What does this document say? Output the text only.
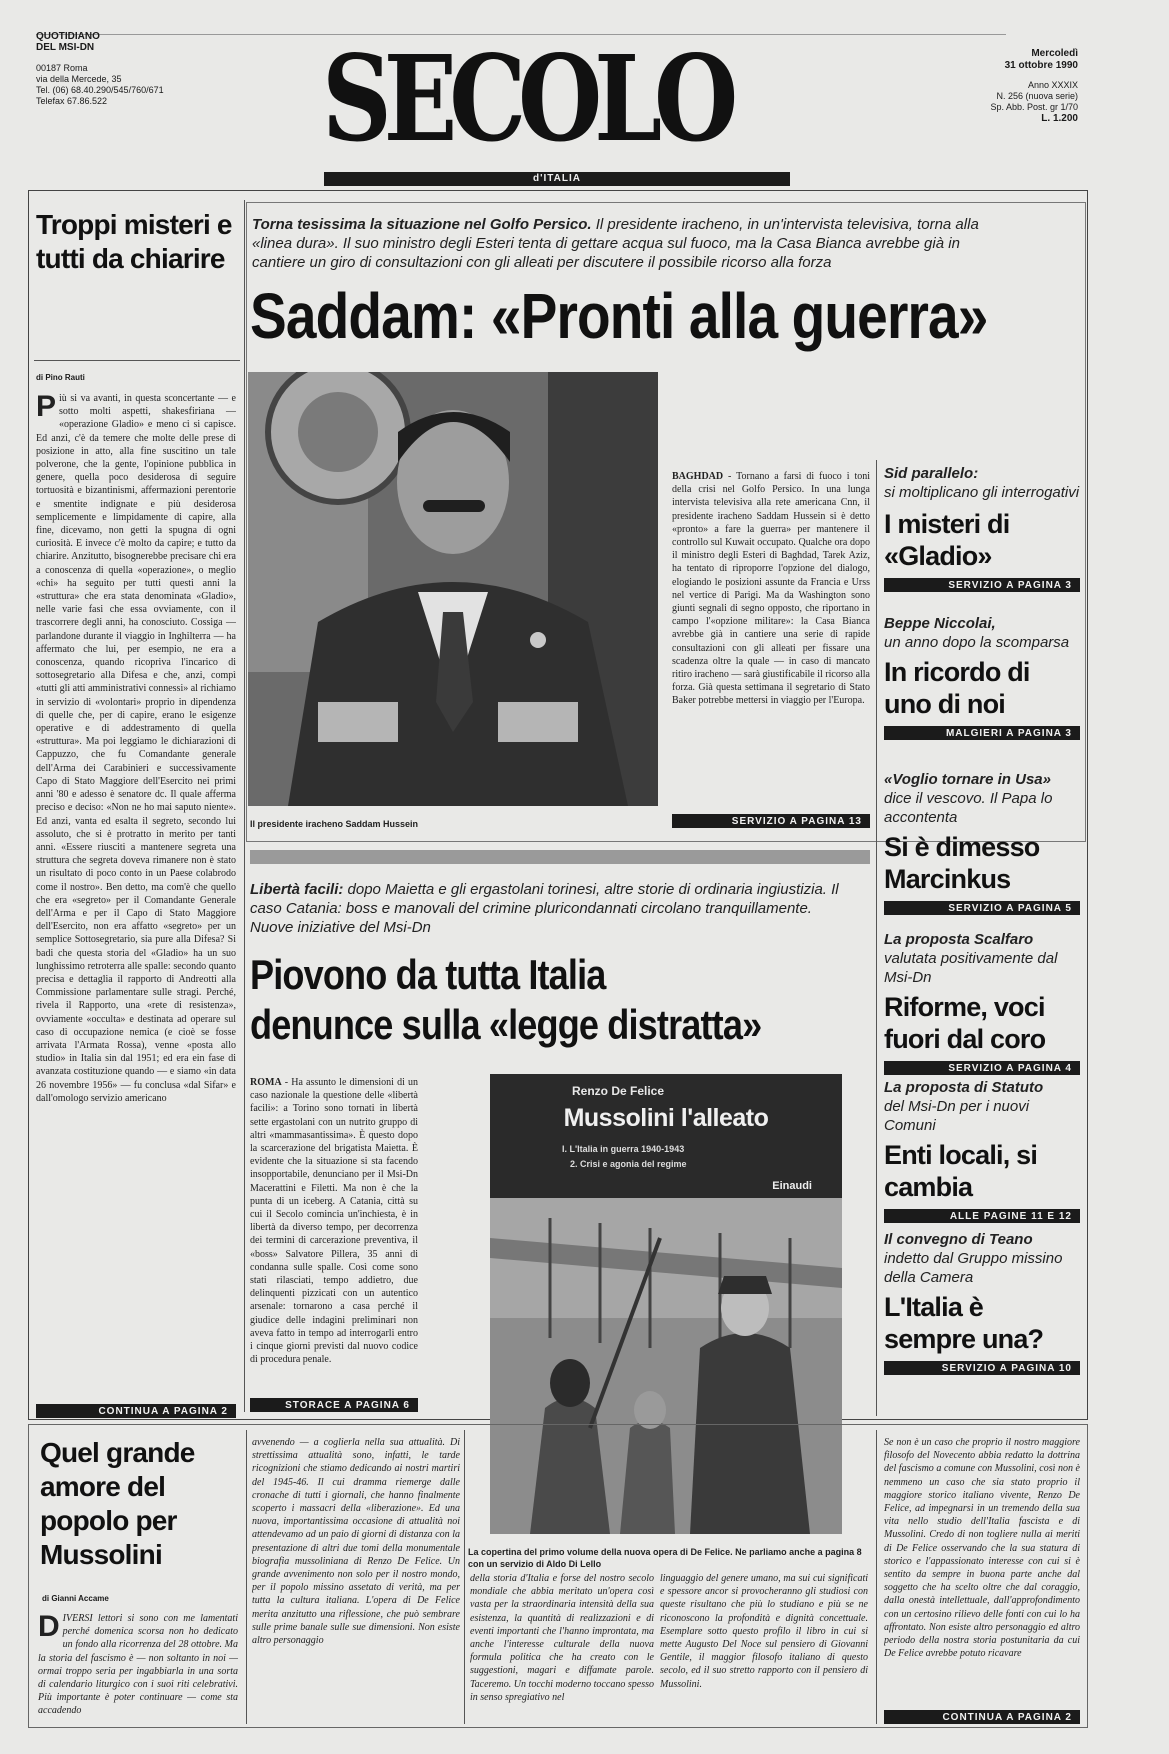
QUOTIDIANO
DEL MSI-DN
00187 Roma
via della Mercede, 35
Tel. (06) 68.40.290/545/760/671
Telefax 67.86.522	SECOLO
d'ITALIA
Mercoledì
31 ottobre 1990
Anno XXXIX
N. 256 (nuova serie)
Sp. Abb. Post. gr 1/70
L. 1.200
Troppi misteri e tutti da chiarire
di Pino Rauti
Più si va avanti, in questa sconcertante — e sotto molti aspetti, shakesfiriana — «operazione Gladio» e meno ci si capisce. Ed anzi, c'è da temere che molte delle prese di posizione in atto, alla fine suscitino un tale polverone, che la gente, l'opinione pubblica in genere, quella poco desiderosa di seguire tortuosità e bizantinismi, affermazioni perentorie e smentite indignate e più desiderosa semplicemente e limpidamente di capire, alla fine, dicevamo, non getti la spugna di ogni curiosità. E invece c'è molto da capire; e tutto da chiarire. Anzitutto, bisognerebbe precisare chi era a conoscenza di quella «operazione», o meglio «chi» ha seguito per tutti questi anni la «struttura» che era stata denominata «Gladio», nelle varie fasi che essa ovviamente, con il trascorrere degli anni, ha conosciuto. Cossiga — parlandone durante il viaggio in Inghilterra — ha affermato che lui, per esempio, ne era a conoscenza, quando ricopriva l'incarico di sottosegretario alla Difesa e che, anzi, compì «tutti gli atti amministrativi connessi» al richiamo in servizio di «volontari» proprio in dipendenza di quelle che, per di capire, erano le esigenze operative e di addestramento di quella «struttura». Ma poi leggiamo le dichiarazioni di Cappuzzo, che fu Comandante generale dell'Arma dei Carabinieri e successivamente Capo di Stato Maggiore dell'Esercito nei primi anni '80 e adesso è senatore dc. Il quale afferma preciso e deciso: «Non ne ho mai saputo niente». Ed anzi, vanta ed esalta il segreto, secondo lui assoluto, che si è protratto in merito per tanti anni. «Essere riusciti a mantenere segreta una struttura che segreta doveva rimanere non è stato un risultato di poco conto in un Paese colabrodo come il nostro». Ben detto, ma com'è che quello che era «segreto» per il Comandante Generale dell'Arma e per il Capo di Stato Maggiore dell'Esercito, non era affatto «segreto» per un semplice Sottosegretario, sia pure alla Difesa? Si badi che questa storia del «Gladio» ha un suo lunghissimo retroterra alle spalle: secondo quanto precisa e dettaglia il rapporto di Andreotti alla Commissione parlamentare sulle stragi. Perché, rivela il Rapporto, una «rete di resistenza», ovviamente «occulta» e destinata ad operare sul caso di occupazione nemica (e cioè se fosse arrivata l'Armata Rossa), venne «posta allo studio» in Italia sin dal 1951; ed era ein fase di avanzata costituzione quando — e siamo «in data 26 novembre 1956» — fu conclusa «dal Sifar» e dall'omologo servizio americano
CONTINUA A PAGINA 2
Torna tesissima la situazione nel Golfo Persico. Il presidente iracheno, in un'intervista televisiva, torna alla «linea dura». Il suo ministro degli Esteri tenta di gettare acqua sul fuoco, ma la Casa Bianca avrebbe già in cantiere un giro di consultazioni con gli alleati per discutere il possibile ricorso alla forza
Saddam: «Pronti alla guerra»
Il presidente iracheno Saddam Hussein
BAGHDAD - Tornano a farsi di fuoco i toni della crisi nel Golfo Persico. In una lunga intervista televisiva alla rete americana Cnn, il presidente iracheno Saddam Hussein si è detto «pronto» a fare la guerra» per mantenere il controllo sul Kuwait occupato. Qualche ora dopo il ministro degli Esteri di Baghdad, Tarek Aziz, ha tentato di riproporre l'opzione del dialogo, elogiando le posizioni assunte da Francia e Urss nel vertice di Parigi. Ma da Washington sono giunti segnali di segno opposto, che riportano in campo l'«opzione militare»: la Casa Bianca avrebbe già in cantiere una serie di rapide consultazioni con gli alleati per fissare una scadenza oltre la quale — in caso di mancato ritiro iracheno — sarà giustificabile il ricorso alla forza. Già questa settimana il segretario di Stato Baker potrebbe mettersi in viaggio per l'Europa.
SERVIZIO A PAGINA 13
Libertà facili: dopo Maietta e gli ergastolani torinesi, altre storie di ordinaria ingiustizia. Il caso Catania: boss e manovali del crimine pluricondannati circolano tranquillamente. Nuove iniziative del Msi-Dn
Piovono da tutta Italia
denunce sulla «legge distratta»
ROMA - Ha assunto le dimensioni di un caso nazionale la questione delle «libertà facili»: a Torino sono tornati in libertà sette ergastolani con un nutrito gruppo di altri «mammasantissima». È questo dopo la scarcerazione del brigatista Maietta. È evidente che la situazione si sta facendo insopportabile, denunciano per il Msi-Dn Macerattini e Filetti. Ma non è che la punta di un iceberg. A Catania, città su cui il Secolo comincia un'inchiesta, è in libertà da diverso tempo, per decorrenza dei termini di carcerazione preventiva, il «boss» Salvatore Pillera, 35 anni di condanna sulle spalle. Così come sono stati rilasciati, tempo addietro, due delinquenti pizzicati con un autentico arsenale: tornarono a casa perché il giudice delle indagini preliminari non aveva fatto in tempo ad interrogarli entro i cinque giorni previsti dal nuovo codice di procedura penale.
STORACE A PAGINA 6
Renzo De Felice
Mussolini l'alleato
I. L'Italia in guerra 1940-1943
2. Crisi e agonia del regime
Einaudi
La copertina del primo volume della nuova opera di De Felice. Ne parliamo anche a pagina 8 con un servizio di Aldo Di Lello
Sid parallelo:
si moltiplicano gli interrogativi
I misteri di «Gladio»
SERVIZIO A PAGINA 3
Beppe Niccolai,
un anno dopo la scomparsa
In ricordo di uno di noi
MALGIERI A PAGINA 3
«Voglio tornare in Usa»
dice il vescovo. Il Papa lo accontenta
Si è dimesso Marcinkus
SERVIZIO A PAGINA 5
La proposta Scalfaro
valutata positivamente dal Msi-Dn
Riforme, voci fuori dal coro
SERVIZIO A PAGINA 4
La proposta di Statuto
del Msi-Dn per i nuovi Comuni
Enti locali, si cambia
ALLE PAGINE 11 E 12
Il convegno di Teano
indetto dal Gruppo missino della Camera
L'Italia è sempre una?
SERVIZIO A PAGINA 10
Quel grande amore del popolo per Mussolini
di Gianni Accame
DIVERSI lettori si sono con me lamentati perché domenica scorsa non ho dedicato un fondo alla ricorrenza del 28 ottobre. Ma la storia del fascismo è — non soltanto in noi — ormai troppo seria per ingabbiarla in una sorta di calendario liturgico con i suoi riti celebrativi. Più importante è poter continuare — come sta accadendo
avvenendo — a coglierla nella sua attualità. Di strettissima attualità sono, infatti, le tarde ricognizioni che stiamo dedicando ai nostri martiri del 1945-46. Il cui dramma riemerge dalle cronache di tutti i giornali, che hanno finalmente scoperto i massacri della «liberazione». Ed una nuova, importantissima occasione di attualità noi attendevamo ad un paio di giorni di distanza con la presentazione di altri due tomi della monumentale biografia mussoliniana di Renzo De Felice. Un grande avvenimento non solo per il nostro mondo, per il popolo missino assetato di verità, ma per tutta la cultura italiana. L'opera di De Felice merita anzitutto una riflessione, che può sembrare sulle prime banale sulle sue dimensioni. Non esiste altro personaggio
della storia d'Italia e forse del nostro secolo mondiale che abbia meritato un'opera così vasta per la straordinaria intensità della sua esistenza, la quantità di realizzazioni e di eventi importanti che l'hanno improntata, ma anche l'interesse culturale della nuova formula politica che ha creato con le suggestioni, magari e diffamate parole. Taceremo. Un tocchi moderno toccano spesso in senso spregiativo nel
linguaggio del genere umano, ma sui cui significati e spessore ancor si provocheranno gli studiosi con queste risultano che più lo studiano e più se ne riconoscono la profondità e dignità concettuale. Esemplare sotto questo profilo il libro in cui si mette Augusto Del Noce sul pensiero di Giovanni Gentile, il maggior filosofo italiano di questo secolo, ed il suo stretto rapporto con il pensiero di Mussolini.
Se non è un caso che proprio il nostro maggiore filosofo del Novecento abbia redatto la dottrina del fascismo a comune con Mussolini, così non è nemmeno un caso che sia stato proprio il maggiore storico italiano vivente, Renzo De Felice, ad impegnarsi in un tremendo della sua vita nello studio dell'Italia fascista e di Mussolini. Credo di non togliere nulla ai meriti di De Felice osservando che la sua statura di storico e l'appassionato interesse con cui si è sentito da sempre in buona parte anche dal soggetto che ha scelto oltre che dal coraggio, dalla onestà intellettuale, dall'approfondimento con un certosino rilievo delle fonti con cui lo ha affrontato. Non esiste altro personaggio ed altro periodo della nostra storia postunitaria da cui De Felice avrebbe potuto ricavare
CONTINUA A PAGINA 2
